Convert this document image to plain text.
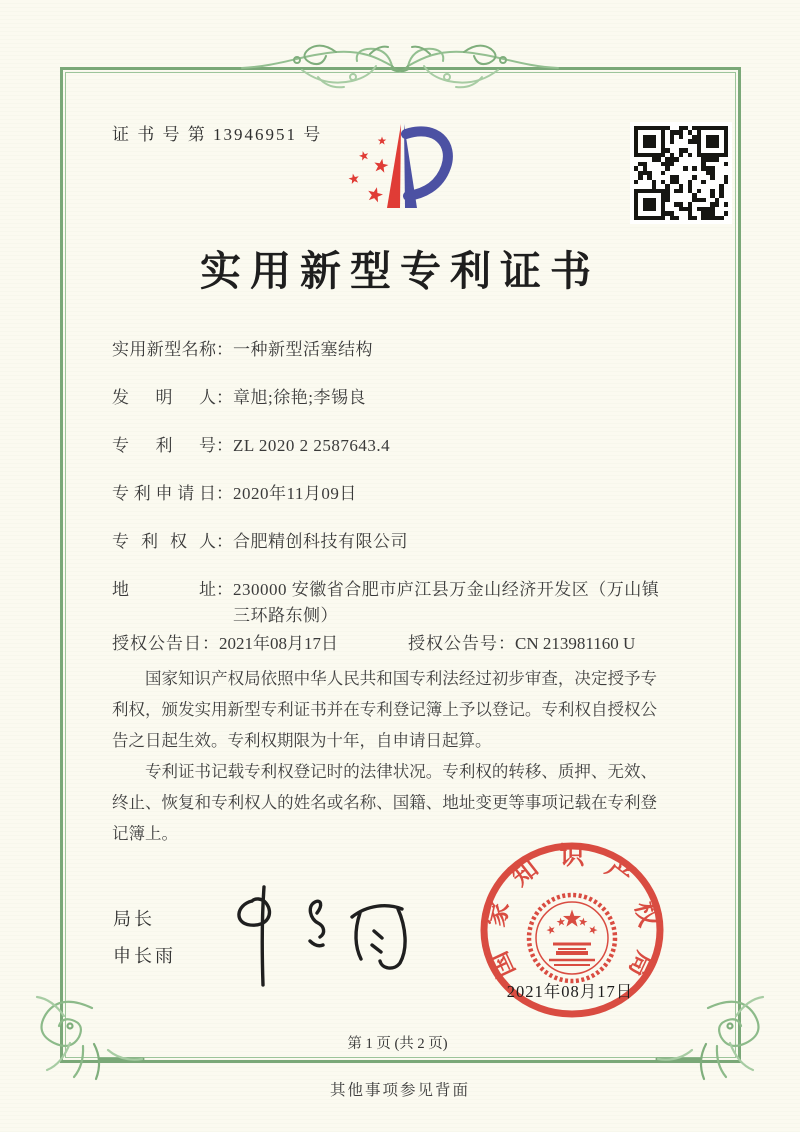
证 书 号 第 13946951 号
实用新型专利证书
实用新型名称：一种新型活塞结构
发明人：章旭;徐艳;李锡良
专利号：ZL 2020 2 2587643.4
专利申请日：2020年11月09日
专利权人：合肥精创科技有限公司
地址：230000 安徽省合肥市庐江县万金山经济开发区（万山镇三环路东侧）
授权公告日：2021年08月17日	授权公告号：CN 213981160 U

国家知识产权局依照中华人民共和国专利法经过初步审查，决定授予专利权，颁发实用新型专利证书并在专利登记簿上予以登记。专利权自授权公告之日起生效。专利权期限为十年，自申请日起算。

专利证书记载专利权登记时的法律状况。专利权的转移、质押、无效、终止、恢复和专利权人的姓名或名称、国籍、地址变更等事项记载在专利登记簿上。

局长
申长雨	国
家
知 识 产
权
局
2021年08月17日
第 1 页 (共 2 页)
其他事项参见背面
